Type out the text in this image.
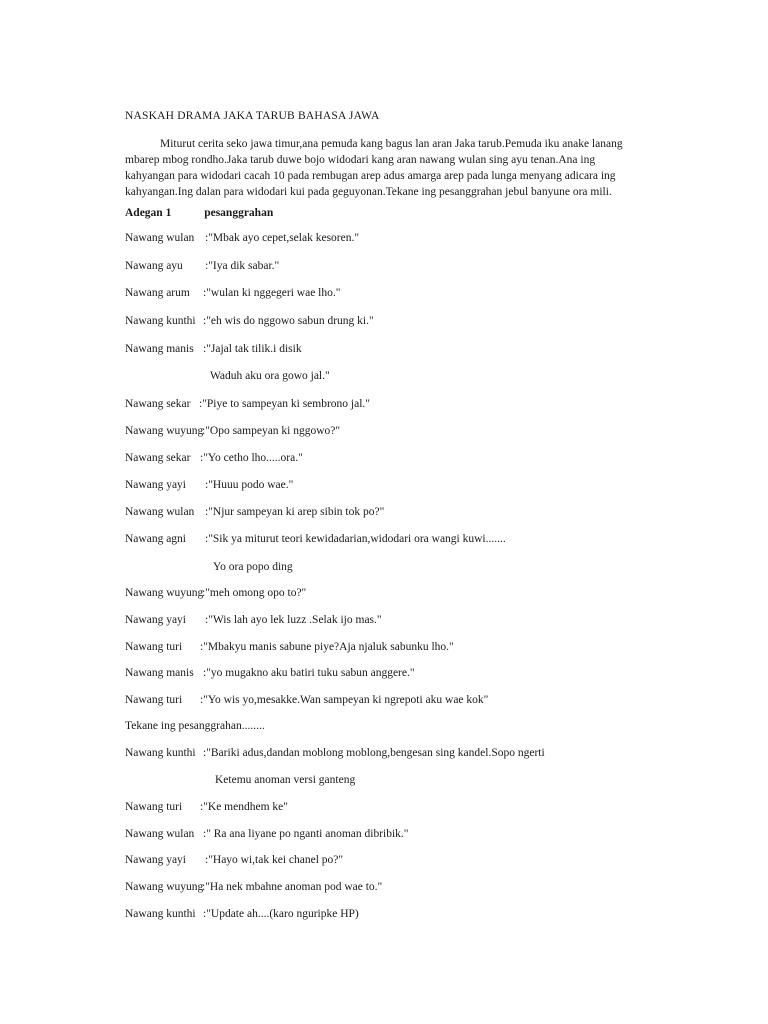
NASKAH DRAMA JAKA TARUB BAHASA JAWA
Miturut cerita seko jawa timur,ana pemuda kang bagus lan aran Jaka tarub.Pemuda iku anake lanang
mbarep mbog rondho.Jaka tarub duwe bojo widodari kang aran nawang wulan sing ayu tenan.Ana ing
kahyangan para widodari cacah 10 pada rembugan arep adus amarga arep pada lunga menyang adicara ing
kahyangan.Ing dalan para widodari kui pada geguyonan.Tekane ing pesanggrahan jebul banyune ora mili.
Adegan 1	pesanggrahan
Nawang wulan :"Mbak ayo cepet,selak kesoren."
Nawang ayu :"Iya dik sabar."
Nawang arum :"wulan ki nggegeri wae lho."
Nawang kunthi :"eh wis do nggowo sabun drung ki."
Nawang manis :"Jajal tak tilik.i disik
Waduh aku ora gowo jal."
Nawang sekar :"Piye to sampeyan ki sembrono jal."
Nawang wuyung
:"Opo sampeyan ki nggowo?"
Nawang sekar :"Yo cetho lho.....ora."
Nawang yayi :"Huuu podo wae."
Nawang wulan :"Njur sampeyan ki arep sibin tok po?"
Nawang agni :"Sik ya miturut teori kewidadarian,widodari ora wangi kuwi.......
Yo ora popo ding
Nawang wuyung
:"meh omong opo to?"
Nawang yayi :"Wis lah ayo lek luzz .Selak ijo mas."
Nawang turi :"Mbakyu manis sabune piye?Aja njaluk sabunku lho."
Nawang manis :"yo mugakno aku batiri tuku sabun anggere."
Nawang turi :"Yo wis yo,mesakke.Wan sampeyan ki ngrepoti aku wae kok"
Tekane ing pesanggrahan........
Nawang kunthi :"Bariki adus,dandan moblong moblong,bengesan sing kandel.Sopo ngerti
Ketemu anoman versi ganteng
Nawang turi :"Ke mendhem ke"
Nawang wulan :" Ra ana liyane po nganti anoman dibribik."
Nawang yayi :"Hayo wi,tak kei chanel po?"
Nawang wuyung
:"Ha nek mbahne anoman pod wae to."
Nawang kunthi :"Update ah....(karo nguripke HP)
